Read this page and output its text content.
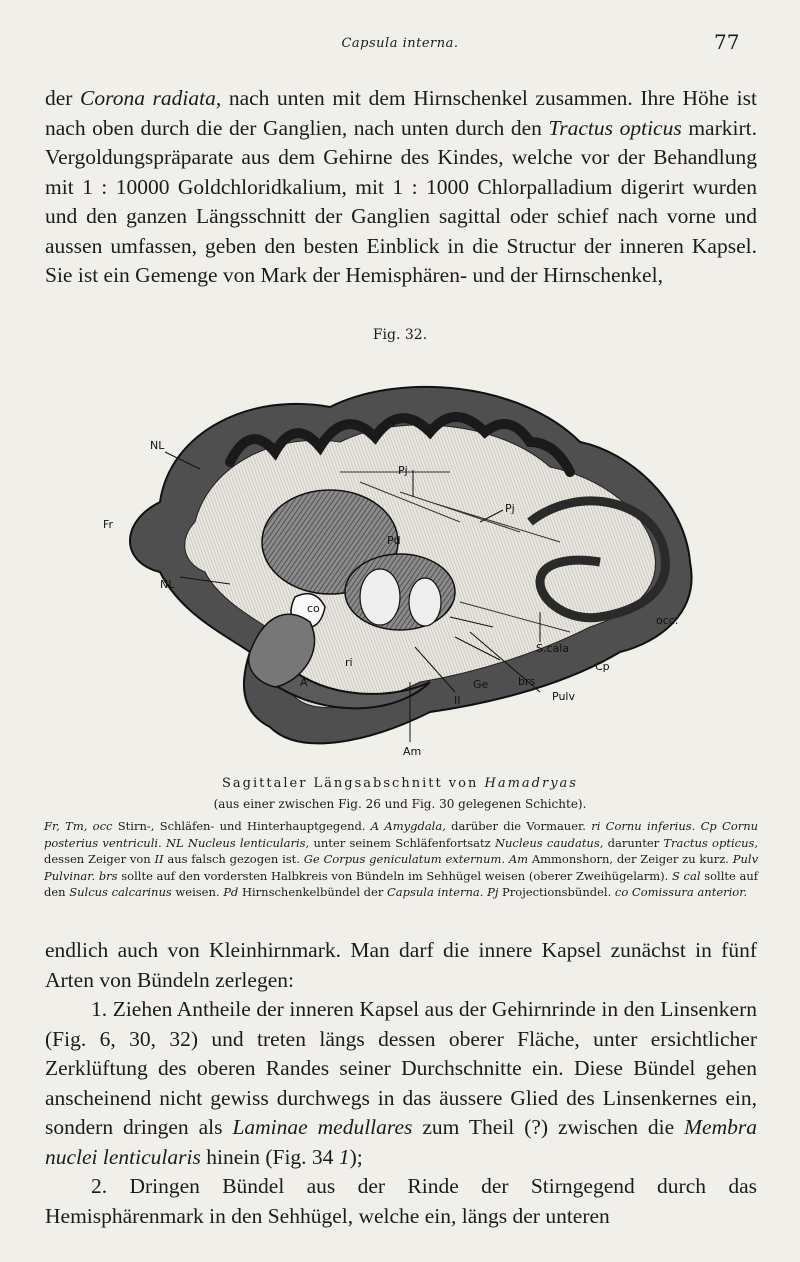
Capsula interna.	77

der Corona radiata, nach unten mit dem Hirnschenkel zusammen. Ihre Höhe ist nach oben durch die der Ganglien, nach unten durch den Tractus opticus markirt. Vergoldungspräparate aus dem Gehirne des Kindes, welche vor der Behandlung mit 1 : 10000 Goldchloridkalium, mit 1 : 1000 Chlorpalladium digerirt wurden und den ganzen Längsschnitt der Ganglien sagittal oder schief nach vorne und aussen umfassen, geben den besten Einblick in die Structur der inneren Kapsel. Sie ist ein Gemenge von Mark der Hemisphären- und der Hirnschenkel,

Fig. 32.
NL
Fr
NL
co
Pj
Pj
Pd
occ.
S.cala
Cp
ri
A	Ge	brs
Pulv
II
Am
Sagittaler Längsabschnitt von Hamadryas
(aus einer zwischen Fig. 26 und Fig. 30 gelegenen Schichte).
Fr, Tm, occ Stirn-, Schläfen- und Hinterhauptgegend. A Amygdala, darüber die Vormauer. ri Cornu inferius. Cp Cornu posterius ventriculi. NL Nucleus lenticularis, unter seinem Schläfenfortsatz Nucleus caudatus, darunter Tractus opticus, dessen Zeiger von II aus falsch gezogen ist. Ge Corpus geniculatum externum. Am Ammonshorn, der Zeiger zu kurz. Pulv Pulvinar. brs sollte auf den vordersten Halbkreis von Bündeln im Sehhügel weisen (oberer Zweihügelarm). S cal sollte auf den Sulcus calcarinus weisen. Pd Hirnschenkelbündel der Capsula interna. Pj Projectionsbündel. co Comissura anterior.

endlich auch von Kleinhirnmark. Man darf die innere Kapsel zunächst in fünf Arten von Bündeln zerlegen:

1. Ziehen Antheile der inneren Kapsel aus der Gehirnrinde in den Linsenkern (Fig. 6, 30, 32) und treten längs dessen oberer Fläche, unter ersichtlicher Zerklüftung des oberen Randes seiner Durchschnitte ein. Diese Bündel gehen anscheinend nicht gewiss durchwegs in das äussere Glied des Linsenkernes ein, sondern dringen als Laminae medullares zum Theil (?) zwischen die Membra nuclei lenticularis hinein (Fig. 34 1);

2. Dringen Bündel aus der Rinde der Stirngegend durch das Hemisphärenmark in den Sehhügel, welche ein, längs der unteren
